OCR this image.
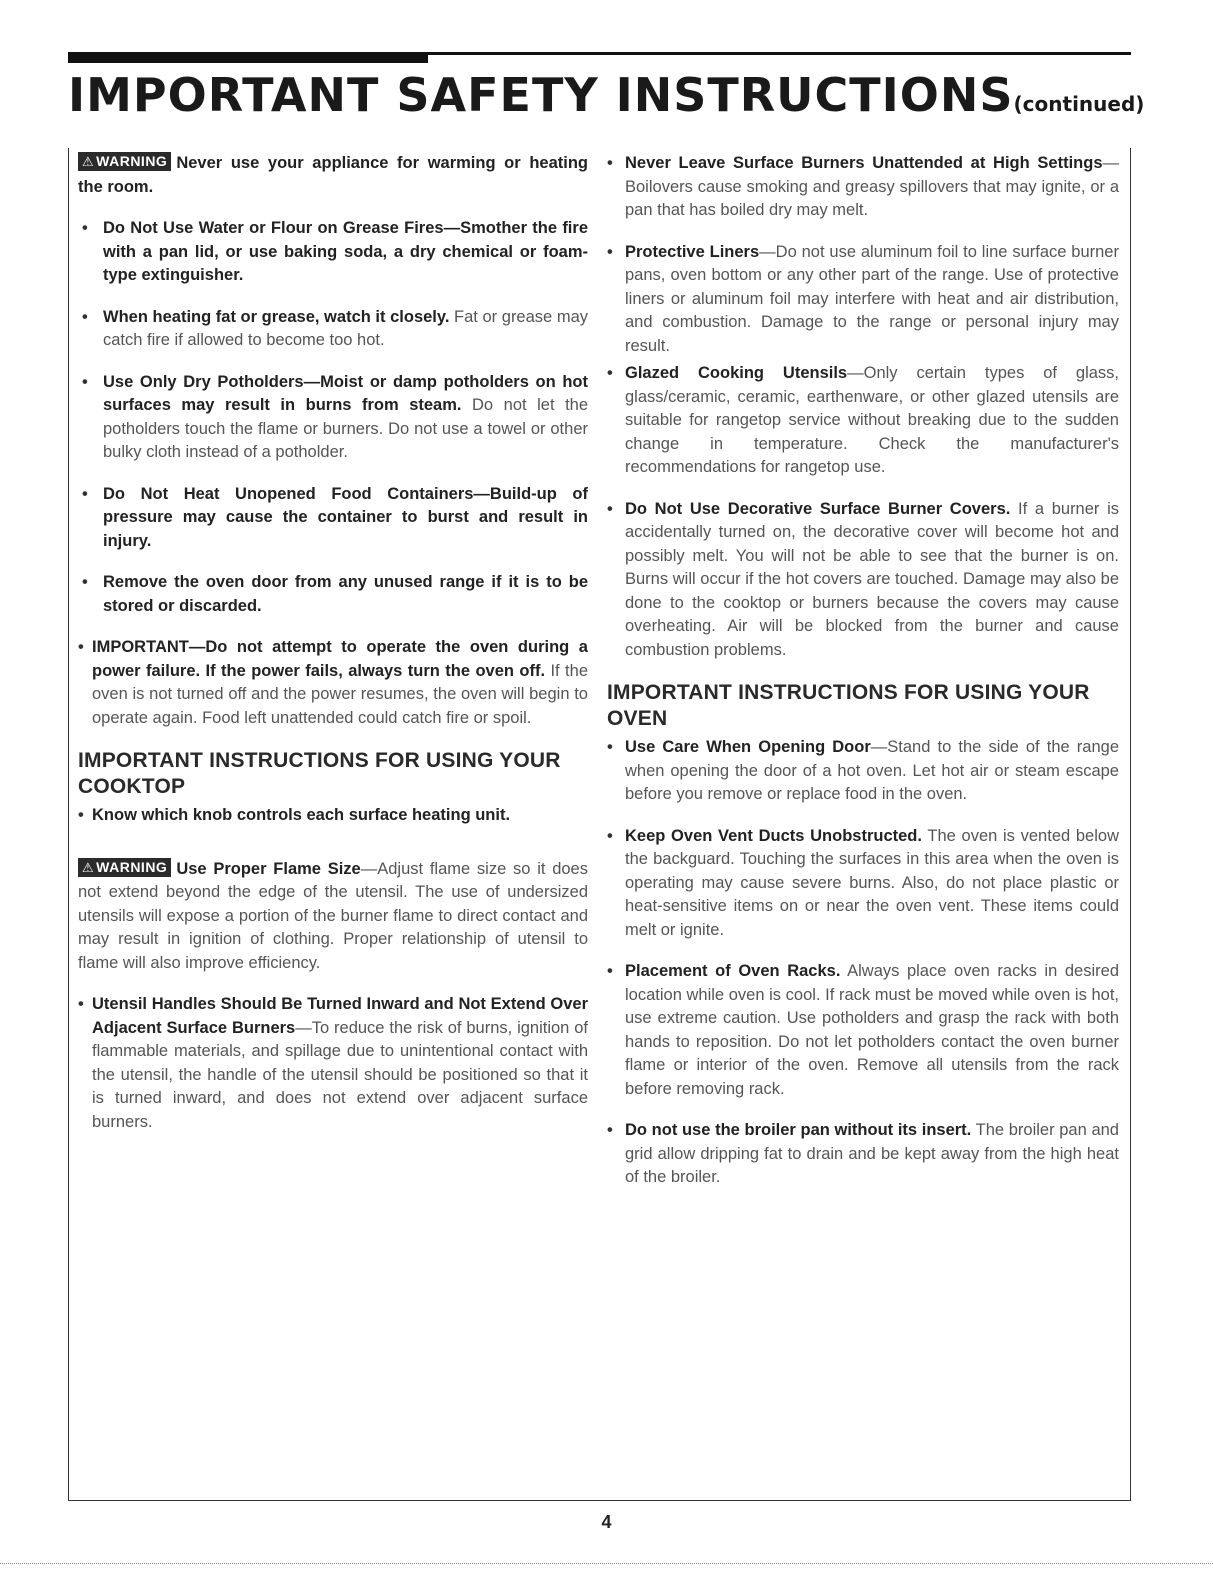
IMPORTANT SAFETY INSTRUCTIONS(continued)

⚠ WARNING Never use your appliance for warming or heating the room.

• Do Not Use Water or Flour on Grease Fires—Smother the fire with a pan lid, or use baking soda, a dry chemical or foam-type extinguisher.
• When heating fat or grease, watch it closely. Fat or grease may catch fire if allowed to become too hot.
• Use Only Dry Potholders—Moist or damp potholders on hot surfaces may result in burns from steam. Do not let the potholders touch the flame or burners. Do not use a towel or other bulky cloth instead of a potholder.
• Do Not Heat Unopened Food Containers—Build-up of pressure may cause the container to burst and result in injury.
• Remove the oven door from any unused range if it is to be stored or discarded.
• IMPORTANT—Do not attempt to operate the oven during a power failure. If the power fails, always turn the oven off. If the oven is not turned off and the power resumes, the oven will begin to operate again. Food left unattended could catch fire or spoil.
IMPORTANT INSTRUCTIONS FOR USING YOUR COOKTOP
• Know which knob controls each surface heating unit.

⚠ WARNING Use Proper Flame Size—Adjust flame size so it does not extend beyond the edge of the utensil. The use of undersized utensils will expose a portion of the burner flame to direct contact and may result in ignition of clothing. Proper relationship of utensil to flame will also improve efficiency.

• Utensil Handles Should Be Turned Inward and Not Extend Over Adjacent Surface Burners—To reduce the risk of burns, ignition of flammable materials, and spillage due to unintentional contact with the utensil, the handle of the utensil should be positioned so that it is turned inward, and does not extend over adjacent surface burners.
• Never Leave Surface Burners Unattended at High Settings—Boilovers cause smoking and greasy spillovers that may ignite, or a pan that has boiled dry may melt.
• Protective Liners—Do not use aluminum foil to line surface burner pans, oven bottom or any other part of the range. Use of protective liners or aluminum foil may interfere with heat and air distribution, and combustion. Damage to the range or personal injury may result.
• Glazed Cooking Utensils—Only certain types of glass, glass/ceramic, ceramic, earthenware, or other glazed utensils are suitable for rangetop service without breaking due to the sudden change in temperature. Check the manufacturer's recommendations for rangetop use.
• Do Not Use Decorative Surface Burner Covers. If a burner is accidentally turned on, the decorative cover will become hot and possibly melt. You will not be able to see that the burner is on. Burns will occur if the hot covers are touched. Damage may also be done to the cooktop or burners because the covers may cause overheating. Air will be blocked from the burner and cause combustion problems.
IMPORTANT INSTRUCTIONS FOR USING YOUR OVEN
• Use Care When Opening Door—Stand to the side of the range when opening the door of a hot oven. Let hot air or steam escape before you remove or replace food in the oven.
• Keep Oven Vent Ducts Unobstructed. The oven is vented below the backguard. Touching the surfaces in this area when the oven is operating may cause severe burns. Also, do not place plastic or heat-sensitive items on or near the oven vent. These items could melt or ignite.
• Placement of Oven Racks. Always place oven racks in desired location while oven is cool. If rack must be moved while oven is hot, use extreme caution. Use potholders and grasp the rack with both hands to reposition. Do not let potholders contact the oven burner flame or interior of the oven. Remove all utensils from the rack before removing rack.
• Do not use the broiler pan without its insert. The broiler pan and grid allow dripping fat to drain and be kept away from the high heat of the broiler.
4
